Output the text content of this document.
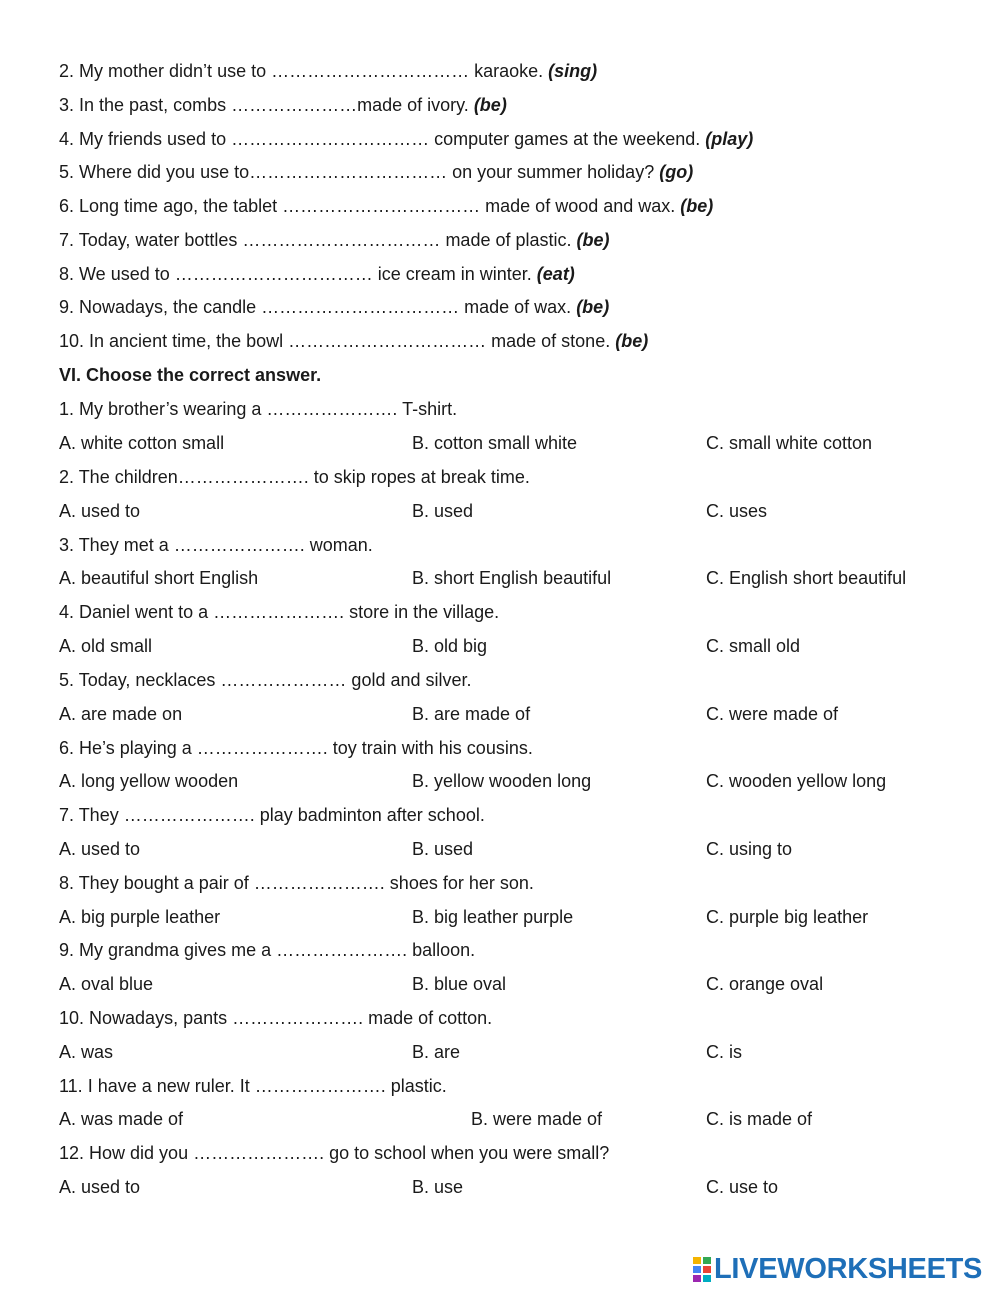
2. My mother didn’t use to …………………………… karaoke. (sing)
3. In the past, combs …………………made of ivory. (be)
4. My friends used to …………………………… computer games at the weekend. (play)
5. Where did you use to…………………………… on your summer holiday? (go)
6. Long time ago, the tablet …………………………… made of wood and wax. (be)
7. Today, water bottles …………………………… made of plastic. (be)
8. We used to …………………………… ice cream in winter. (eat)
9. Nowadays, the candle …………………………… made of wax. (be)
10. In ancient time, the bowl …………………………… made of stone. (be)
VI. Choose the correct answer.
1. My brother’s wearing a …………………. T-shirt.
A. white cotton small	B. cotton small white	C. small white cotton
2. The children…………………. to skip ropes at break time.
A. used to	B. used	C. uses
3. They met a …………………. woman.
A. beautiful short English	B. short English beautiful	C. English short beautiful
4. Daniel went to a …………………. store in the village.
A. old small	B. old big	C. small old
5. Today, necklaces ………………… gold and silver.
A. are made on	B. are made of	C. were made of
6. He’s playing a …………………. toy train with his cousins.
A. long yellow wooden	B. yellow wooden long	C. wooden yellow long
7. They …………………. play badminton after school.
A. used to	B. used	C. using to
8. They bought a pair of …………………. shoes for her son.
A. big purple leather	B. big leather purple	C. purple big leather
9. My grandma gives me a …………………. balloon.
A. oval blue	B. blue oval	C. orange oval
10. Nowadays, pants …………………. made of cotton.
A. was	B. are	C. is
11. I have a new ruler. It …………………. plastic.
A. was made of	B. were made of	C. is made of
12. How did you …………………. go to school when you were small?
A. used to	B. use	C. use to
LIVEWORKSHEETS
